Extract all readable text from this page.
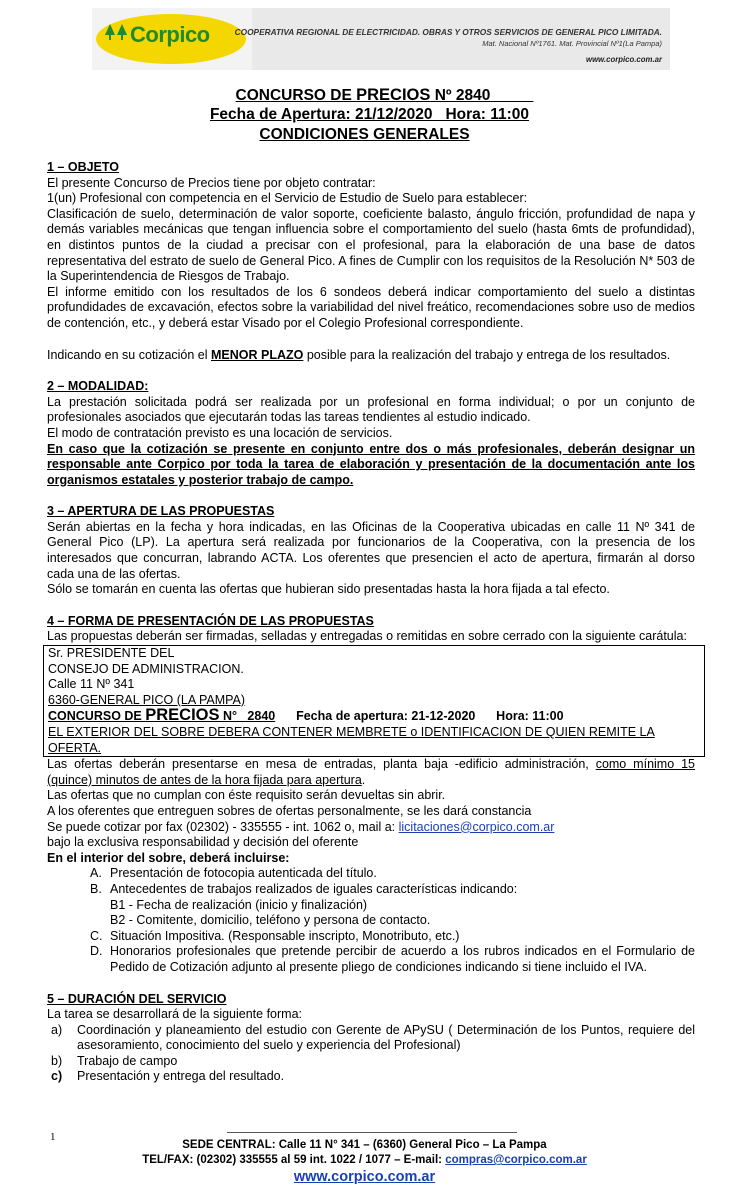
Corpico	COOPERATIVA REGIONAL DE ELECTRICIDAD. OBRAS Y OTROS SERVICIOS DE GENERAL PICO LIMITADA.
Mat. Nacional Nº1761. Mat. Provincial Nº1(La Pampa)
www.corpico.com.ar
CONCURSO DE PRECIOS Nº 2840
Fecha de Apertura: 21/12/2020   Hora: 11:00
CONDICIONES GENERALES

1 – OBJETO

El presente Concurso de Precios tiene por objeto contratar:

1(un) Profesional con competencia en el Servicio de Estudio de Suelo para establecer:

Clasificación de suelo, determinación de valor soporte, coeficiente balasto, ángulo fricción, profundidad de napa y demás variables mecánicas que tengan influencia sobre el comportamiento del suelo (hasta 6mts de profundidad), en distintos puntos de la ciudad a precisar con el profesional, para la elaboración de una base de datos representativa del estrato de suelo de General Pico. A fines de Cumplir con los requisitos de la Resolución N* 503 de la Superintendencia de Riesgos de Trabajo.

El informe emitido con los resultados de los 6 sondeos deberá indicar comportamiento del suelo a distintas profundidades de excavación, efectos sobre la variabilidad del nivel freático, recomendaciones sobre uso de medios de contención, etc., y deberá estar Visado por el Colegio Profesional correspondiente.

Indicando en su cotización el MENOR PLAZO posible para la realización del trabajo y entrega de los resultados.

2 – MODALIDAD:

La prestación solicitada podrá ser realizada por un profesional en forma individual; o por un conjunto de profesionales asociados que ejecutarán todas las tareas tendientes al estudio indicado.

El modo de contratación previsto es una locación de servicios.

En caso que la cotización se presente en conjunto entre dos o más profesionales, deberán designar un responsable ante Corpico por toda la tarea de elaboración y presentación de la documentación ante los organismos estatales y posterior trabajo de campo.

3 – APERTURA DE LAS PROPUESTAS

Serán abiertas en la fecha y hora indicadas, en las Oficinas de la Cooperativa ubicadas en calle 11 Nº 341 de General Pico (LP). La apertura será realizada por funcionarios de la Cooperativa, con la presencia de los interesados que concurran, labrando ACTA. Los oferentes que presencien el acto de apertura, firmarán al dorso cada una de las ofertas.

Sólo se tomarán en cuenta las ofertas que hubieran sido presentadas hasta la hora fijada a tal efecto.

4 – FORMA DE PRESENTACIÓN DE LAS PROPUESTAS

Las propuestas deberán ser firmadas, selladas y entregadas o remitidas en sobre cerrado con la siguiente carátula:

Sr. PRESIDENTE DEL

CONSEJO DE ADMINISTRACION.

Calle 11 Nº 341

6360-GENERAL PICO (LA PAMPA)

CONCURSO DE PRECIOS N°   2840 Fecha de apertura: 21-12-2020      Hora: 11:00

EL EXTERIOR DEL SOBRE DEBERA CONTENER MEMBRETE o IDENTIFICACION DE QUIEN REMITE LA OFERTA.

Las ofertas deberán presentarse en mesa de entradas, planta baja -edificio administración, como mínimo 15 (quince) minutos de antes de la hora fijada para apertura.

Las ofertas que no cumplan con éste requisito serán devueltas sin abrir.

A los oferentes que entreguen sobres de ofertas personalmente, se les dará constancia

Se puede cotizar por fax (02302) - 335555 - int. 1062 o, mail a: licitaciones@corpico.com.ar

bajo la exclusiva responsabilidad y decisión del oferente

En el interior del sobre, deberá incluirse:

A. Presentación de fotocopia autenticada del título.
B. Antecedentes de trabajos realizados de iguales características indicando:
B1 - Fecha de realización (inicio y finalización)
B2 - Comitente, domicilio, teléfono y persona de contacto.
C. Situación Impositiva. (Responsable inscripto, Monotributo, etc.)
D. Honorarios profesionales que pretende percibir de acuerdo a los rubros indicados en el Formulario de Pedido de Cotización adjunto al presente pliego de condiciones indicando si tiene incluido el IVA.

5 – DURACIÓN DEL SERVICIO

La tarea se desarrollará de la siguiente forma:

a)	Coordinación y planeamiento del estudio con Gerente de APySU ( Determinación de los Puntos, requiere del asesoramiento, conocimiento del suelo y experiencia del Profesional)
b)	Trabajo de campo
c)	Presentación y entrega del resultado.
1
SEDE CENTRAL: Calle 11 N° 341 – (6360) General Pico – La Pampa
TEL/FAX: (02302) 335555 al 59 int. 1022 / 1077 – E-mail: compras@corpico.com.ar
www.corpico.com.ar
